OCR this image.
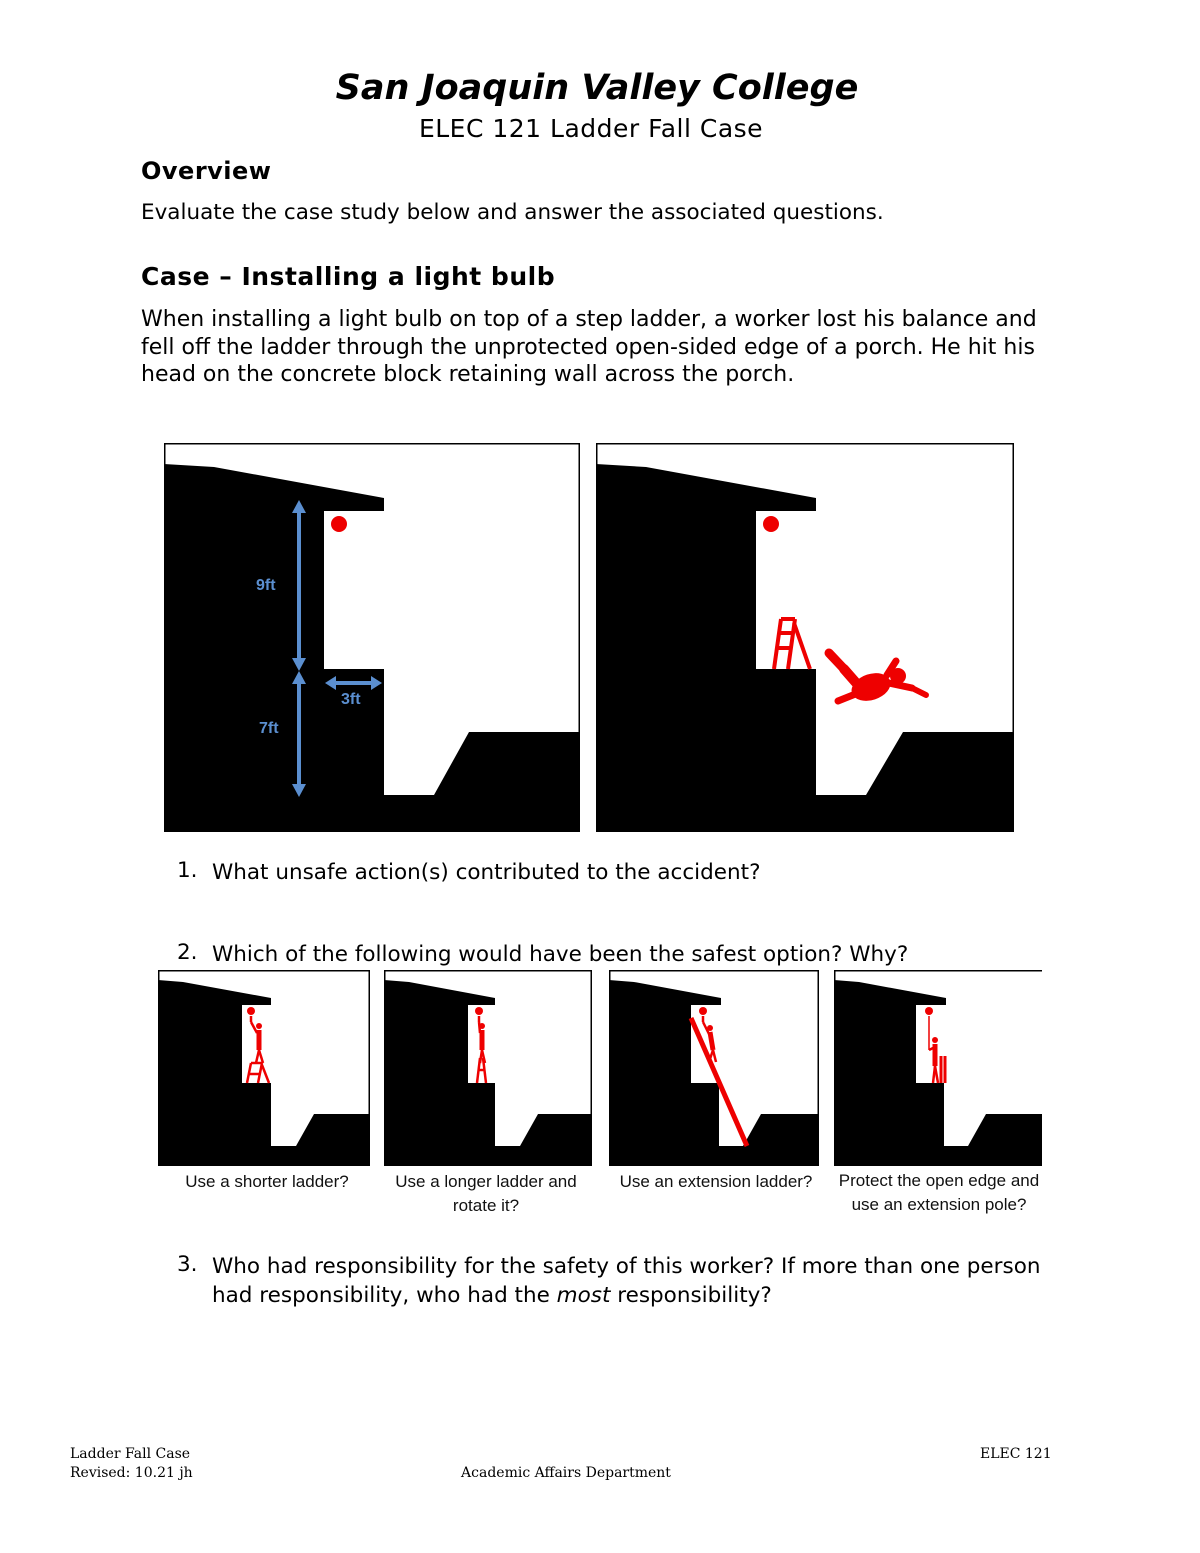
San Joaquin Valley College
ELEC 121 Ladder Fall Case
Overview
Evaluate the case study below and answer the associated questions.
Case – Installing a light bulb
When installing a light bulb on top of a step ladder, a worker lost his balance and fell off the ladder through the unprotected open-sided edge of a porch. He hit his head on the concrete block retaining wall across the porch.
9ft
3ft
7ft
1. What unsafe action(s) contributed to the accident?
2. Which of the following would have been the safest option? Why?
Use a shorter ladder?	Use a longer ladder and rotate it?
Use an extension ladder?	Protect the open edge and use an extension pole?
3. Who had responsibility for the safety of this worker? If more than one person had responsibility, who had the most responsibility?
Ladder Fall Case
Revised: 10.21 jh	Academic Affairs Department
ELEC 121
